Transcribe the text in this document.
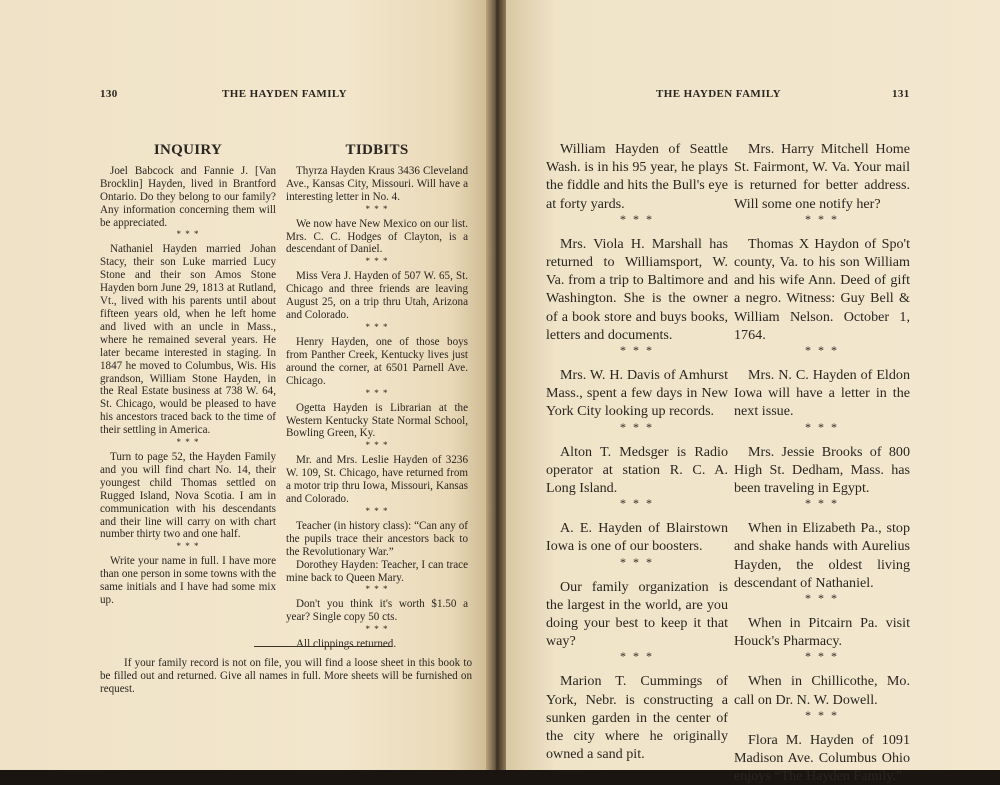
130	THE HAYDEN FAMILY
INQUIRY

Joel Babcock and Fannie J. [Van Brocklin] Hayden, lived in Brantford Ontario. Do they belong to our family? Any information concerning them will be appreciated.

* * *

Nathaniel Hayden married Johan Stacy, their son Luke married Lucy Stone and their son Amos Stone Hayden born June 29, 1813 at Rutland, Vt., lived with his parents until about fifteen years old, when he left home and lived with an uncle in Mass., where he remained several years. He later became interested in staging. In 1847 he moved to Columbus, Wis. His grandson, William Stone Hayden, in the Real Estate business at 738 W. 64, St. Chicago, would be pleased to have his ancestors traced back to the time of their settling in America.

* * *

Turn to page 52, the Hayden Family and you will find chart No. 14, their youngest child Thomas settled on Rugged Island, Nova Scotia. I am in communication with his descendants and their line will carry on with chart number thirty two and one half.

* * *

Write your name in full. I have more than one person in some towns with the same initials and I have had some mix up.

TIDBITS

Thyrza Hayden Kraus 3436 Cleveland Ave., Kansas City, Missouri. Will have a interesting letter in No. 4.

* * *

We now have New Mexico on our list. Mrs. C. C. Hodges of Clayton, is a descendant of Daniel.

* * *

Miss Vera J. Hayden of 507 W. 65, St. Chicago and three friends are leaving August 25, on a trip thru Utah, Arizona and Colorado.

* * *

Henry Hayden, one of those boys from Panther Creek, Kentucky lives just around the corner, at 6501 Parnell Ave. Chicago.

* * *

Ogetta Hayden is Librarian at the Western Kentucky State Normal School, Bowling Green, Ky.

* * *

Mr. and Mrs. Leslie Hayden of 3236 W. 109, St. Chicago, have returned from a motor trip thru Iowa, Missouri, Kansas and Colorado.

* * *

Teacher (in history class): “Can any of the pupils trace their ancestors back to the Revolutionary War.”

Dorothey Hayden: Teacher, I can trace mine back to Queen Mary.

* * *

Don't you think it's worth $1.50 a year? Single copy 50 cts.

* * *

All clippings returned.

If your family record is not on file, you will find a loose sheet in this book to be filled out and returned. Give all names in full. More sheets will be furnished on request.

THE HAYDEN FAMILY	131

William Hayden of Seattle Wash. is in his 95 year, he plays the fiddle and hits the Bull's eye at forty yards.

* * *

Mrs. Viola H. Marshall has returned to Williamsport, W. Va. from a trip to Baltimore and Washington. She is the owner of a book store and buys books, letters and documents.

* * *

Mrs. W. H. Davis of Amhurst Mass., spent a few days in New York City looking up records.

* * *

Alton T. Medsger is Radio operator at station R. C. A. Long Island.

* * *

A. E. Hayden of Blairstown Iowa is one of our boosters.

* * *

Our family organization is the largest in the world, are you doing your best to keep it that way?

* * *

Marion T. Cummings of York, Nebr. is constructing a sunken garden in the center of the city where he originally owned a sand pit.

Mrs. Harry Mitchell Home St. Fairmont, W. Va. Your mail is returned for better address. Will some one notify her?

* * *

Thomas X Haydon of Spo't county, Va. to his son William and his wife Ann. Deed of gift a negro. Witness: Guy Bell & William Nelson. October 1, 1764.

* * *

Mrs. N. C. Hayden of Eldon Iowa will have a letter in the next issue.

* * *

Mrs. Jessie Brooks of 800 High St. Dedham, Mass. has been traveling in Egypt.

* * *

When in Elizabeth Pa., stop and shake hands with Aurelius Hayden, the oldest living descendant of Nathaniel.

* * *

When in Pitcairn Pa. visit Houck's Pharmacy.

* * *

When in Chillicothe, Mo. call on Dr. N. W. Dowell.

* * *

Flora M. Hayden of 1091 Madison Ave. Columbus Ohio enjoys “The Hayden Family.”
